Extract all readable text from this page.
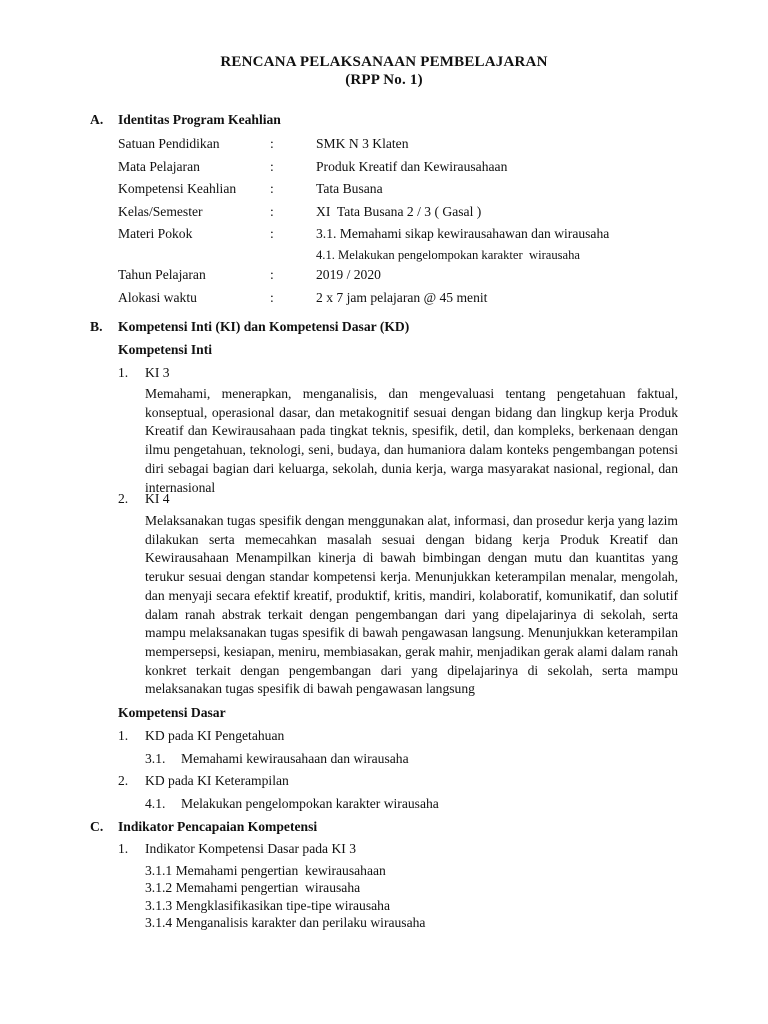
RENCANA PELAKSANAAN PEMBELAJARAN
(RPP No. 1)
A. Identitas Program Keahlian
Satuan Pendidikan	:	SMK N 3 Klaten
Mata Pelajaran	:	Produk Kreatif dan Kewirausahaan
Kompetensi Keahlian :	Tata Busana
Kelas/Semester	:	XI  Tata Busana 2 / 3 ( Gasal )
Materi Pokok	:	3.1. Memahami sikap kewirausahawan dan wirausaha
4.1. Melakukan pengelompokan karakter  wirausaha
Tahun Pelajaran	:	2019 / 2020
Alokasi waktu	:	2 x 7 jam pelajaran @ 45 menit
B. Kompetensi Inti (KI) dan Kompetensi Dasar (KD)
Kompetensi Inti
1. KI 3
Memahami, menerapkan, menganalisis, dan mengevaluasi tentang pengetahuan faktual, konseptual, operasional dasar, dan metakognitif sesuai dengan bidang dan lingkup kerja Produk Kreatif dan Kewirausahaan pada tingkat teknis, spesifik, detil, dan kompleks, berkenaan dengan ilmu pengetahuan, teknologi, seni, budaya, dan humaniora dalam konteks pengembangan potensi diri sebagai bagian dari keluarga, sekolah, dunia kerja, warga masyarakat nasional, regional, dan internasional
2. KI 4
Melaksanakan tugas spesifik dengan menggunakan alat, informasi, dan prosedur kerja yang lazim dilakukan serta memecahkan masalah sesuai dengan bidang kerja Produk Kreatif dan Kewirausahaan Menampilkan kinerja di bawah bimbingan dengan mutu dan kuantitas yang terukur sesuai dengan standar kompetensi kerja. Menunjukkan keterampilan menalar, mengolah, dan menyaji secara efektif kreatif, produktif, kritis, mandiri, kolaboratif, komunikatif, dan solutif dalam ranah abstrak terkait dengan pengembangan dari yang dipelajarinya di sekolah, serta mampu melaksanakan tugas spesifik di bawah pengawasan langsung. Menunjukkan keterampilan mempersepsi, kesiapan, meniru, membiasakan, gerak mahir, menjadikan gerak alami dalam ranah konkret terkait dengan pengembangan dari yang dipelajarinya di sekolah, serta mampu melaksanakan tugas spesifik di bawah pengawasan langsung
Kompetensi Dasar
1. KD pada KI Pengetahuan
3.1. Memahami kewirausahaan dan wirausaha
2. KD pada KI Keterampilan
4.1. Melakukan pengelompokan karakter wirausaha
C. Indikator Pencapaian Kompetensi
1. Indikator Kompetensi Dasar pada KI 3
3.1.1 Memahami pengertian  kewirausahaan
3.1.2 Memahami pengertian  wirausaha
3.1.3 Mengklasifikasikan tipe-tipe wirausaha
3.1.4 Menganalisis karakter dan perilaku wirausaha
